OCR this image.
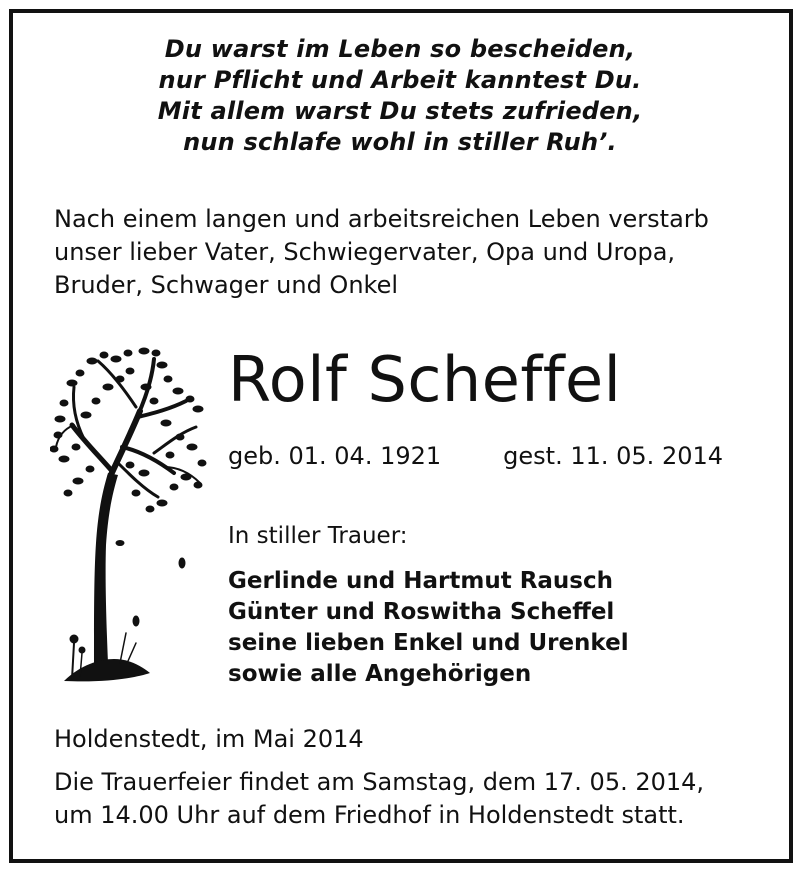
Du warst im Leben so bescheiden,
nur Pflicht und Arbeit kanntest Du.
Mit allem warst Du stets zufrieden,
nun schlafe wohl in stiller Ruh’.
Nach einem langen und arbeitsreichen Leben verstarb
unser lieber Vater, Schwiegervater, Opa und Uropa,
Bruder, Schwager und Onkel
Rolf Scheffel
geb. 01. 04. 1921	gest. 11. 05. 2014
In stiller Trauer:
Gerlinde und Hartmut Rausch
Günter und Roswitha Scheffel
seine lieben Enkel und Urenkel
sowie alle Angehörigen
Holdenstedt, im Mai 2014
Die Trauerfeier findet am Samstag, dem 17. 05. 2014,
um 14.00 Uhr auf dem Friedhof in Holdenstedt statt.
